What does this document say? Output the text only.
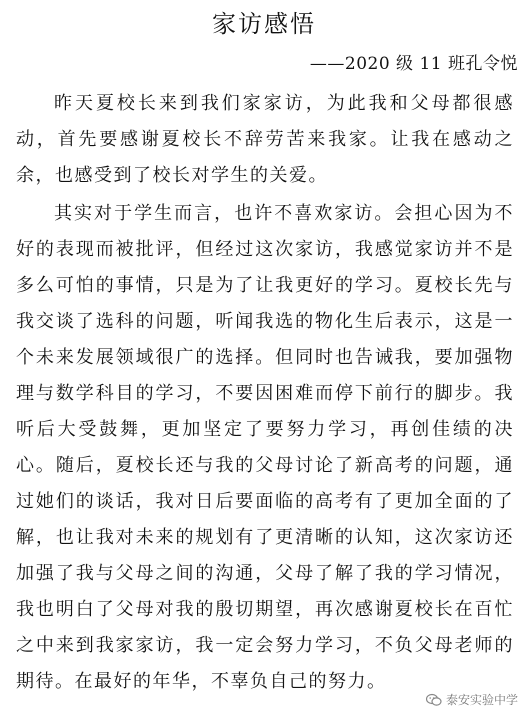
家访感悟
——2020 级 11 班孔令悦

昨天夏校长来到我们家家访，为此我和父母都很感动，首先要感谢夏校长不辞劳苦来我家。让我在感动之余，也感受到了校长对学生的关爱。

其实对于学生而言，也许不喜欢家访。会担心因为不好的表现而被批评，但经过这次家访，我感觉家访并不是多么可怕的事情，只是为了让我更好的学习。夏校长先与我交谈了选科的问题，听闻我选的物化生后表示，这是一个未来发展领域很广的选择。但同时也告诫我，要加强物理与数学科目的学习，不要因困难而停下前行的脚步。我听后大受鼓舞，更加坚定了要努力学习，再创佳绩的决心。随后，夏校长还与我的父母讨论了新高考的问题，通过她们的谈话，我对日后要面临的高考有了更加全面的了解，也让我对未来的规划有了更清晰的认知，这次家访还加强了我与父母之间的沟通，父母了解了我的学习情况，我也明白了父母对我的殷切期望，再次感谢夏校长在百忙之中来到我家家访，我一定会努力学习，不负父母老师的期待。在最好的年华，不辜负自己的努力。

泰安实验中学
